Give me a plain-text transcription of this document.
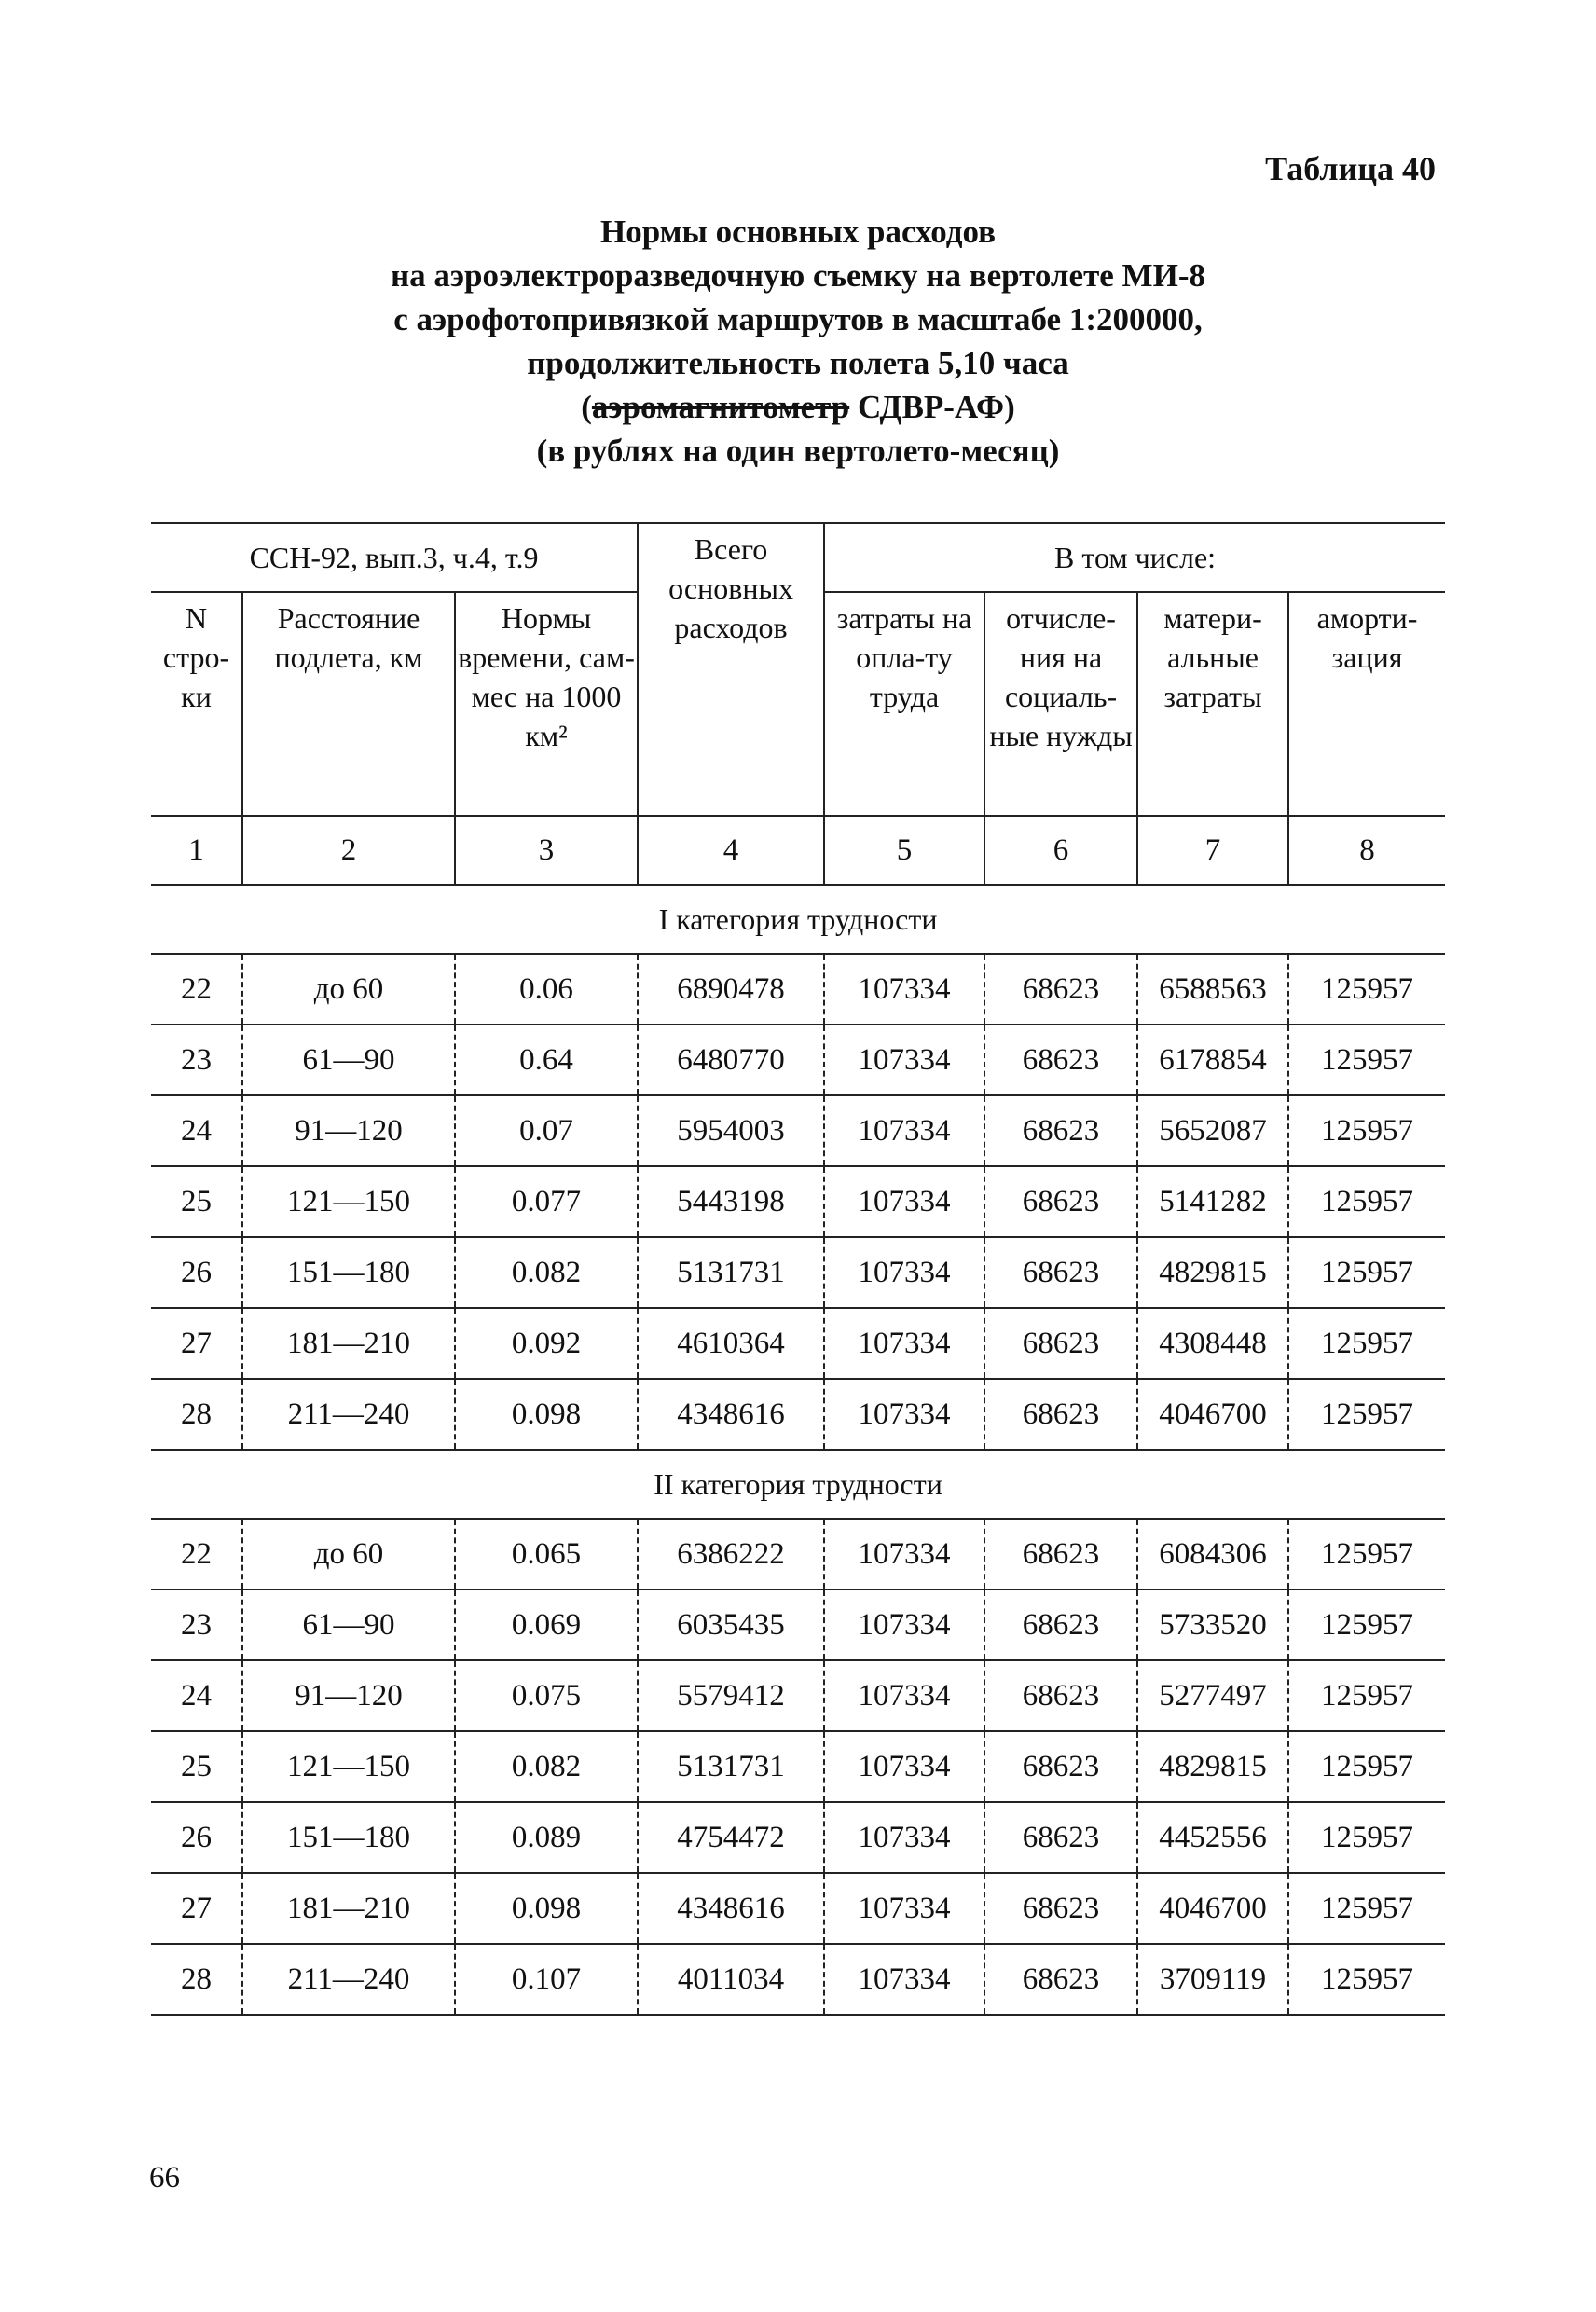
Таблица 40
Нормы основных расходов
на аэроэлектроразведочную съемку на вертолете МИ-8
с аэрофотопривязкой маршрутов в масштабе 1:200000,
продолжительность полета 5,10 часа
(аэромагнитометр СДВР-АФ)
(в рублях на один вертолето-месяц)
ССН-92, вып.3, ч.4, т.9			Всего основных расходов	В том числе:			
N стро-ки	Расстояние подлета, км	Нормы времени, сам-мес на 1000 км²		затраты на опла-ту труда	отчисле-ния на социаль-ные нужды	матери-альные затраты	аморти-зация
1	2	3	4	5	6	7	8
I категория трудности							
22	до 60	0.06	6890478	107334	68623	6588563	125957
23	61—90	0.64	6480770	107334	68623	6178854	125957
24	91—120	0.07	5954003	107334	68623	5652087	125957
25	121—150	0.077	5443198	107334	68623	5141282	125957
26	151—180	0.082	5131731	107334	68623	4829815	125957
27	181—210	0.092	4610364	107334	68623	4308448	125957
28	211—240	0.098	4348616	107334	68623	4046700	125957
II категория трудности							
22	до 60	0.065	6386222	107334	68623	6084306	125957
23	61—90	0.069	6035435	107334	68623	5733520	125957
24	91—120	0.075	5579412	107334	68623	5277497	125957
25	121—150	0.082	5131731	107334	68623	4829815	125957
26	151—180	0.089	4754472	107334	68623	4452556	125957
27	181—210	0.098	4348616	107334	68623	4046700	125957
28	211—240	0.107	4011034	107334	68623	3709119	125957
66
